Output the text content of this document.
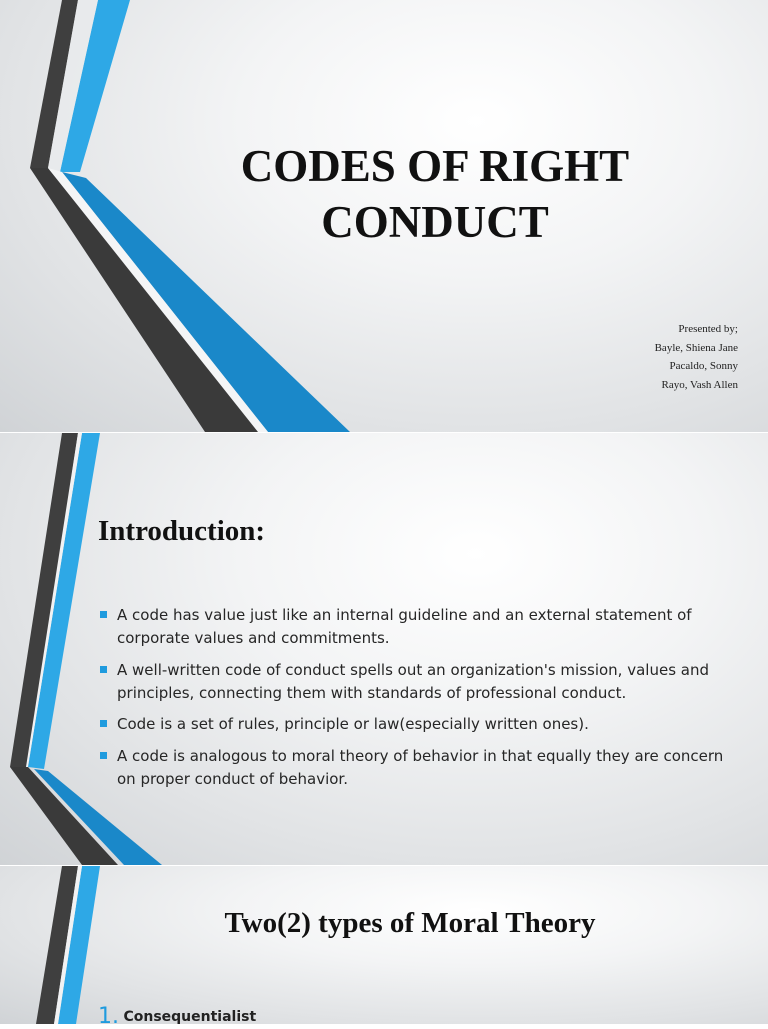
CODES OF RIGHT CONDUCT
Presented by;
Bayle, Shiena Jane
Pacaldo, Sonny
Rayo, Vash Allen
Introduction:
A code has value just like an internal guideline and an external statement of corporate values and commitments.
A well-written code of conduct spells out an organization's mission, values and principles, connecting them with standards of professional conduct.
Code is a set of rules, principle or law(especially written ones).
A code is analogous to moral theory of behavior in that equally they are concern on proper conduct of behavior.
Two(2) types of Moral Theory
1. Consequentialist
